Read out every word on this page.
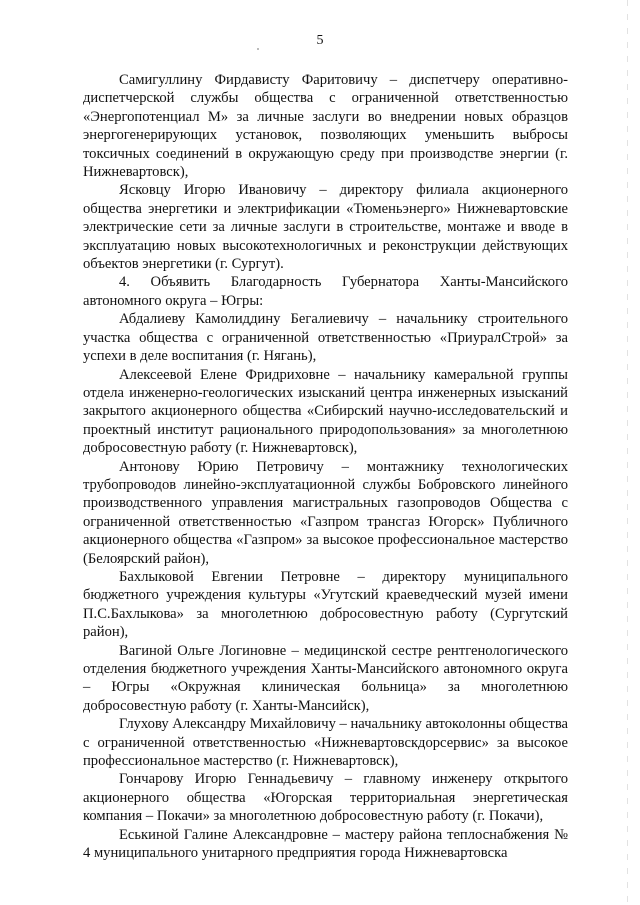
5

Самигуллину Фирдависту Фаритовичу – диспетчеру оперативно-диспетчерской службы общества с ограниченной ответственностью «Энергопотенциал М» за личные заслуги во внедрении новых образцов энергогенерирующих установок, позволяющих уменьшить выбросы токсичных соединений в окружающую среду при производстве энергии (г. Нижневартовск),

Ясковцу Игорю Ивановичу – директору филиала акционерного общества энергетики и электрификации «Тюменьэнерго» Нижневартовские электрические сети за личные заслуги в строительстве, монтаже и вводе в эксплуатацию новых высокотехнологичных и реконструкции действующих объектов энергетики (г. Сургут).

4. Объявить Благодарность Губернатора Ханты-Мансийского автономного округа – Югры:

Абдалиеву Камолиддину Бегалиевичу – начальнику строительного участка общества с ограниченной ответственностью «ПриуралСтрой» за успехи в деле воспитания (г. Нягань),

Алексеевой Елене Фридриховне – начальнику камеральной группы отдела инженерно-геологических изысканий центра инженерных изысканий закрытого акционерного общества «Сибирский научно-исследовательский и проектный институт рационального природопользования» за многолетнюю добросовестную работу (г. Нижневартовск),

Антонову Юрию Петровичу – монтажнику технологических трубопроводов линейно-эксплуатационной службы Бобровского линейного производственного управления магистральных газопроводов Общества с ограниченной ответственностью «Газпром трансгаз Югорск» Публичного акционерного общества «Газпром» за высокое профессиональное мастерство (Белоярский район),

Бахлыковой Евгении Петровне – директору муниципального бюджетного учреждения культуры «Угутский краеведческий музей имени П.С.Бахлыкова» за многолетнюю добросовестную работу (Сургутский район),

Вагиной Ольге Логиновне – медицинской сестре рентгенологического отделения бюджетного учреждения Ханты-Мансийского автономного округа – Югры «Окружная клиническая больница» за многолетнюю добросовестную работу (г. Ханты-Мансийск),

Глухову Александру Михайловичу – начальнику автоколонны общества с ограниченной ответственностью «Нижневартовскдорсервис» за высокое профессиональное мастерство (г. Нижневартовск),

Гончарову Игорю Геннадьевичу – главному инженеру открытого акционерного общества «Югорская территориальная энергетическая компания – Покачи» за многолетнюю добросовестную работу (г. Покачи),

Еськиной Галине Александровне – мастеру района теплоснабжения № 4 муниципального унитарного предприятия города Нижневартовска
